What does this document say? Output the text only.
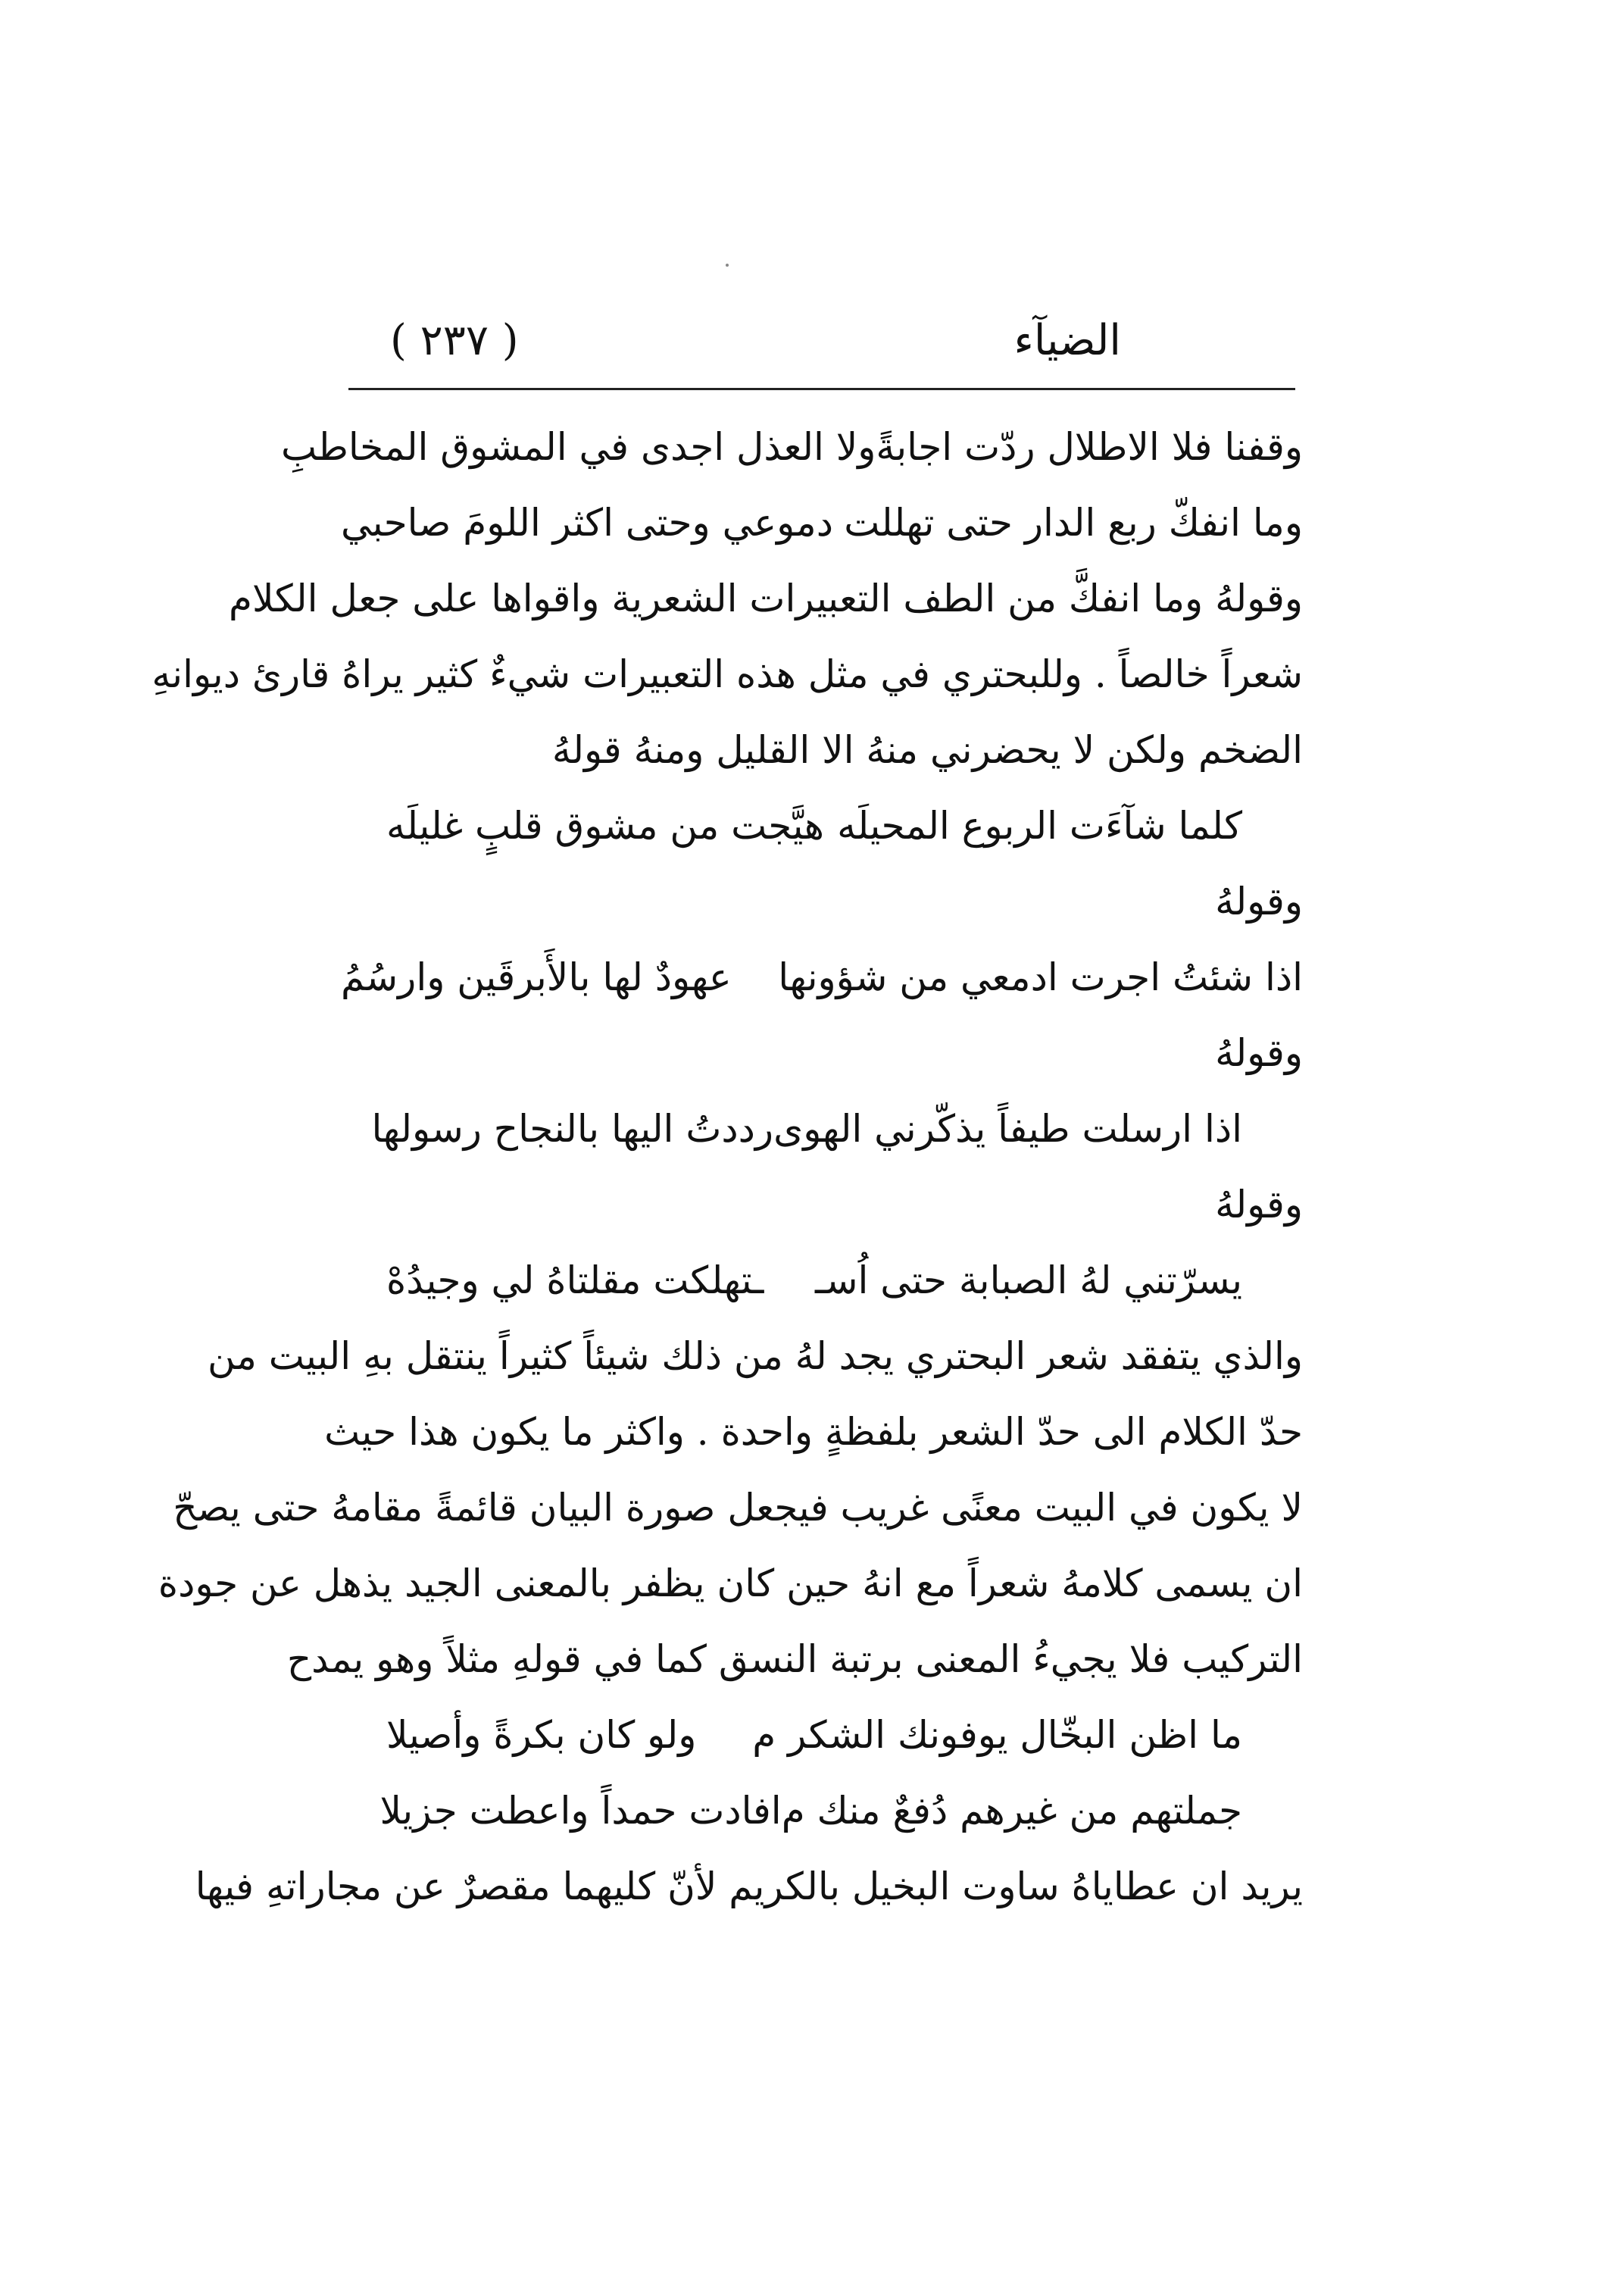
الضيآء
( ٢٣٧ )
وقفنا فلا الاطلال ردّت اجابةً
ولا العذل اجدى في المشوق المخاطبِ
وما انفكّ ربع الدار حتى تهللت
دموعي وحتى اكثر اللومَ صاحبي
وقولهُ وما انفكَّ من الطف التعبيرات الشعرية واقواها على جعل الكلام
شعراً خالصاً . وللبحتري في مثل هذه التعبيرات شيءٌ كثير يراهُ قارئ ديوانهِ
الضخم ولكن لا يحضرني منهُ الا القليل ومنهُ قولهُ
كلما شآءَت الربوع المحيلَه
هيَّجت من مشوق قلبٍ غليلَه
وقولهُ
اذا شئتُ اجرت ادمعي من شؤونها
عهودٌ لها بالأَبرقَين وارسُمُ
وقولهُ
اذا ارسلت طيفاً يذكّرني الهوى
رددتُ اليها بالنجاح رسولها
وقولهُ
يسرّتني لهُ الصبابة حتى اُسـ
ـتهلكت مقلتاهُ لي وجيدُهْ
والذي يتفقد شعر البحتري يجد لهُ من ذلك شيئاً كثيراً ينتقل بهِ البيت من
حدّ الكلام الى حدّ الشعر بلفظةٍ واحدة . واكثر ما يكون هذا حيث
لا يكون في البيت معنًى غريب فيجعل صورة البيان قائمةً مقامهُ حتى يصحّ
ان يسمى كلامهُ شعراً مع انهُ حين كان يظفر بالمعنى الجيد يذهل عن جودة
التركيب فلا يجيءُ المعنى برتبة النسق كما في قولهِ مثلاً وهو يمدح
ما اظن البخّال يوفونك الشكر م
ولو كان بكرةً وأصيلا
جملتهم من غيرهم دُفعٌ منك م
افادت حمداً واعطت جزيلا
يريد ان عطاياهُ ساوت البخيل بالكريم لأنّ كليهما مقصرٌ عن مجاراتهِ فيها
